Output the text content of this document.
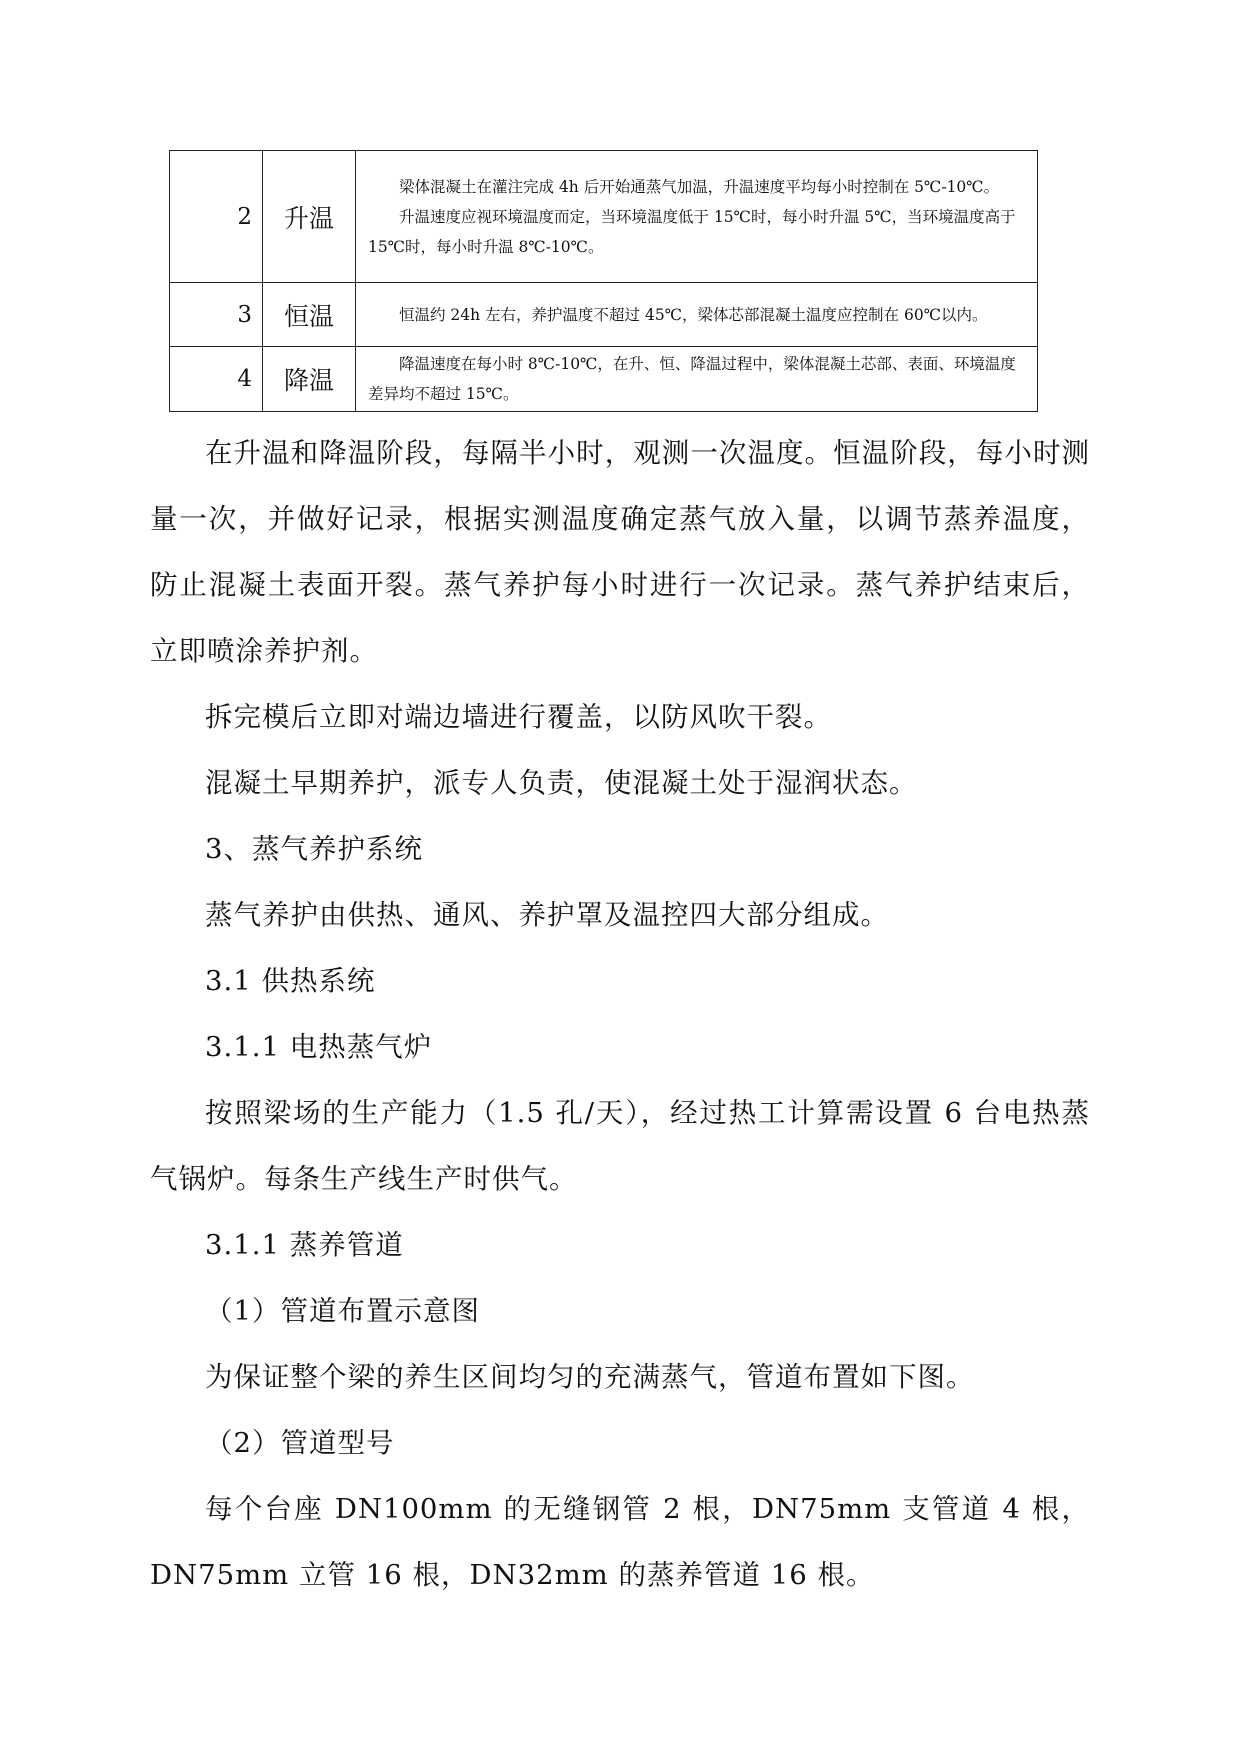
2	升温	梁体混凝土在灌注完成 4h 后开始通蒸气加温，升温速度平均每小时控制在 5℃-10℃。

升温速度应视环境温度而定，当环境温度低于 15℃时，每小时升温 5℃，当环境温度高于 15℃时，每小时升温 8℃-10℃。

3	恒温	恒温约 24h 左右，养护温度不超过 45℃，梁体芯部混凝土温度应控制在 60℃以内。

4	降温	降温速度在每小时 8℃-10℃，在升、恒、降温过程中，梁体混凝土芯部、表面、环境温度差异均不超过 15℃。

在升温和降温阶段，每隔半小时，观测一次温度。恒温阶段，每小时测量一次，并做好记录，根据实测温度确定蒸气放入量，以调节蒸养温度，防止混凝土表面开裂。蒸气养护每小时进行一次记录。蒸气养护结束后，立即喷涂养护剂。

拆完模后立即对端边墙进行覆盖，以防风吹干裂。

混凝土早期养护，派专人负责，使混凝土处于湿润状态。

3、蒸气养护系统

蒸气养护由供热、通风、养护罩及温控四大部分组成。

3.1 供热系统

3.1.1 电热蒸气炉

按照梁场的生产能力（1.5 孔/天），经过热工计算需设置 6 台电热蒸气锅炉。每条生产线生产时供气。

3.1.1 蒸养管道

（1）管道布置示意图

为保证整个梁的养生区间均匀的充满蒸气，管道布置如下图。

（2）管道型号

每个台座 DN100mm 的无缝钢管 2 根，DN75mm 支管道 4 根，DN75mm 立管 16 根，DN32mm 的蒸养管道 16 根。
